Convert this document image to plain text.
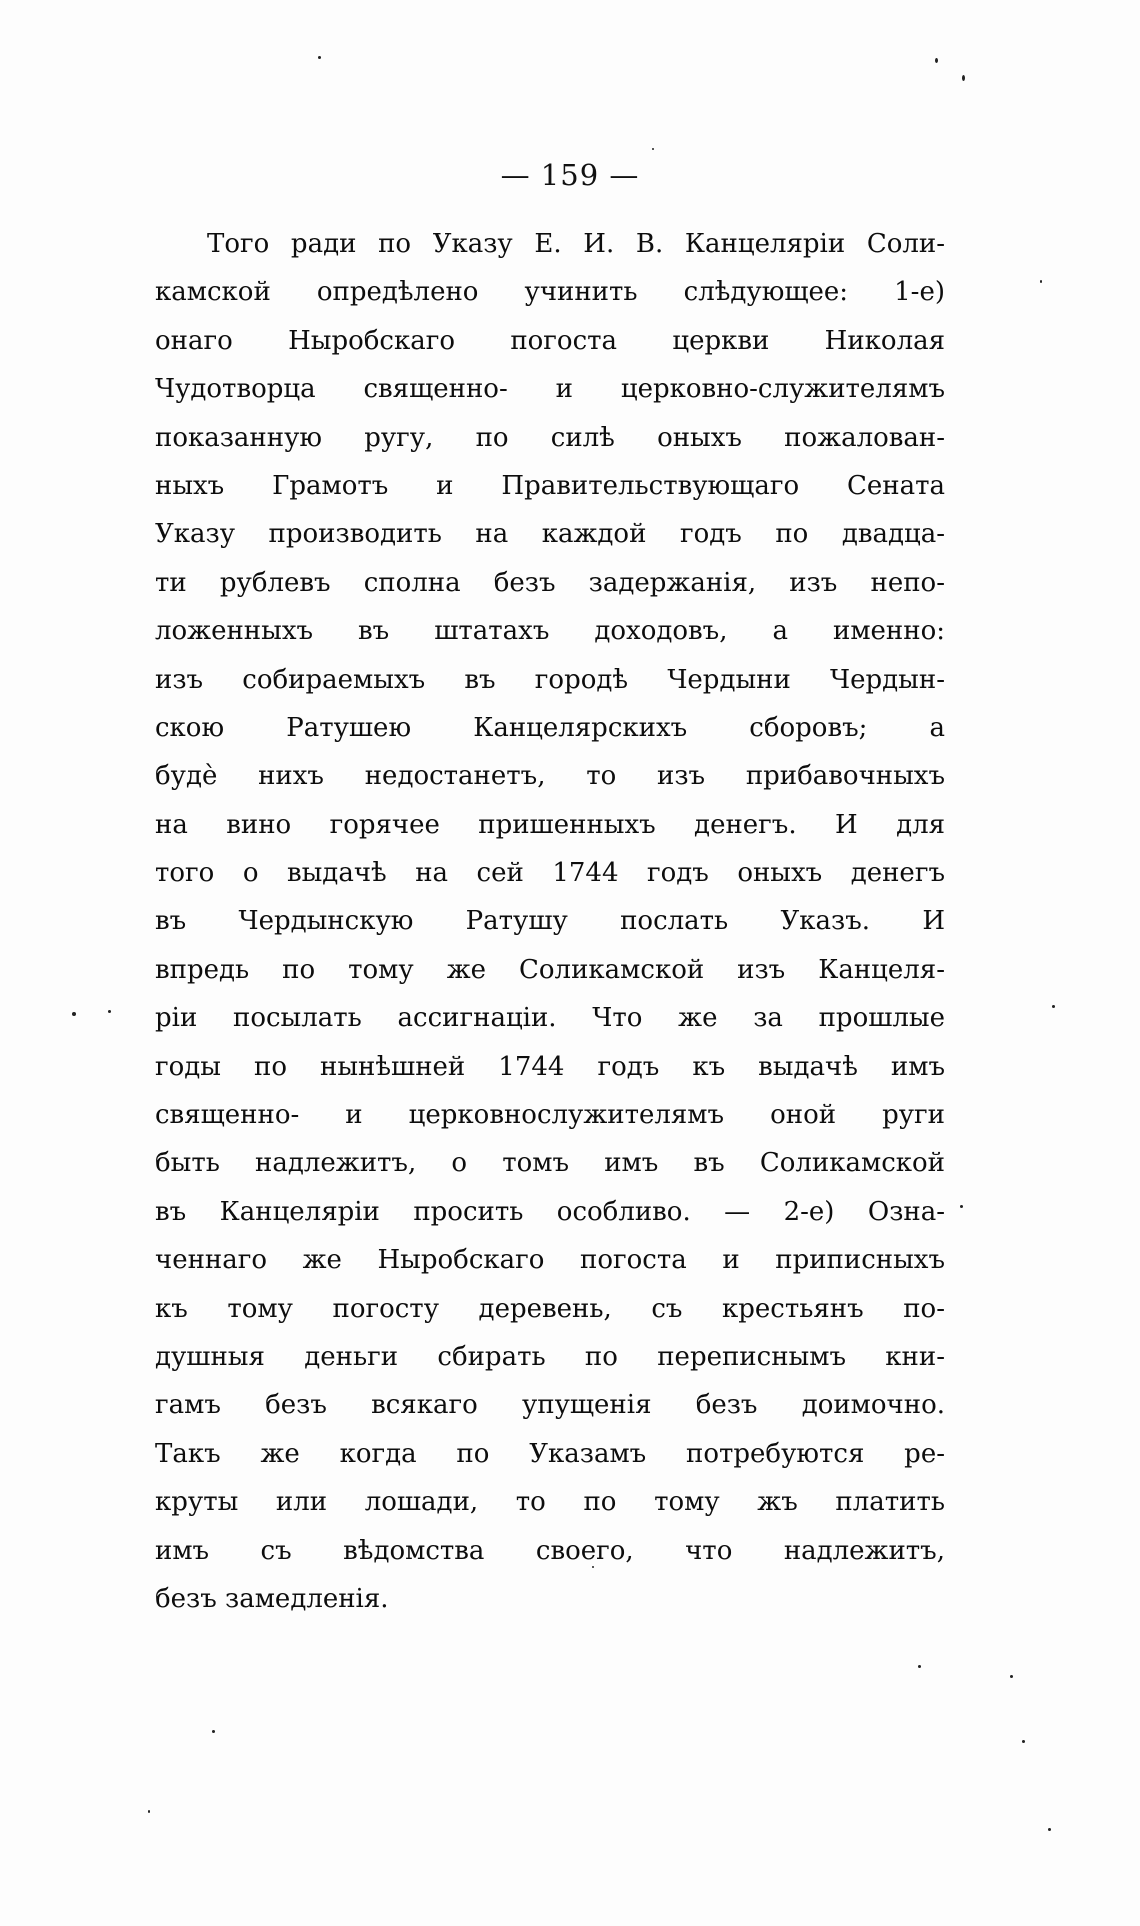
— 159 —
Того ради по Указу Е. И. В. Канцелярiи Соли-
камской опредѣлено учинить слѣдующее: 1-е)
онаго Ныробскаго погоста церкви Николая
Чудотворца священно- и церковно-служителямъ
показанную ругу, по силѣ оныхъ пожалован-
ныхъ Грамотъ и Правительствующаго Сената
Указу производить на каждой годъ по двадца-
ти рублевъ сполна безъ задержанiя, изъ непо-
ложенныхъ въ штатахъ доходовъ, а именно:
изъ собираемыхъ въ городѣ Чердыни Чердын-
скою Ратушею Канцелярскихъ сборовъ; а
будѐ нихъ недостанетъ, то изъ прибавочныхъ
на вино горячее пришенныхъ денегъ. И для
того о выдачѣ на сей 1744 годъ оныхъ денегъ
въ Чердынскую Ратушу послать Указъ. И
впредь по тому же Соликамской изъ Канцеля-
рiи посылать ассигнацiи. Что же за прошлые
годы по нынѣшней 1744 годъ къ выдачѣ имъ
священно- и церковнослужителямъ оной руги
быть надлежитъ, о томъ имъ въ Соликамской
въ Канцелярiи просить особливо. — 2-е) Озна-
ченнаго же Ныробскаго погоста и приписныхъ
къ тому погосту деревень, съ крестьянъ по-
душныя деньги сбирать по переписнымъ кни-
гамъ безъ всякаго упущенiя безъ доимочно.
Такъ же когда по Указамъ потребуются ре-
круты или лошади, то по тому жъ платить
имъ съ вѣдомства своего, что надлежитъ,
безъ замедленiя.
